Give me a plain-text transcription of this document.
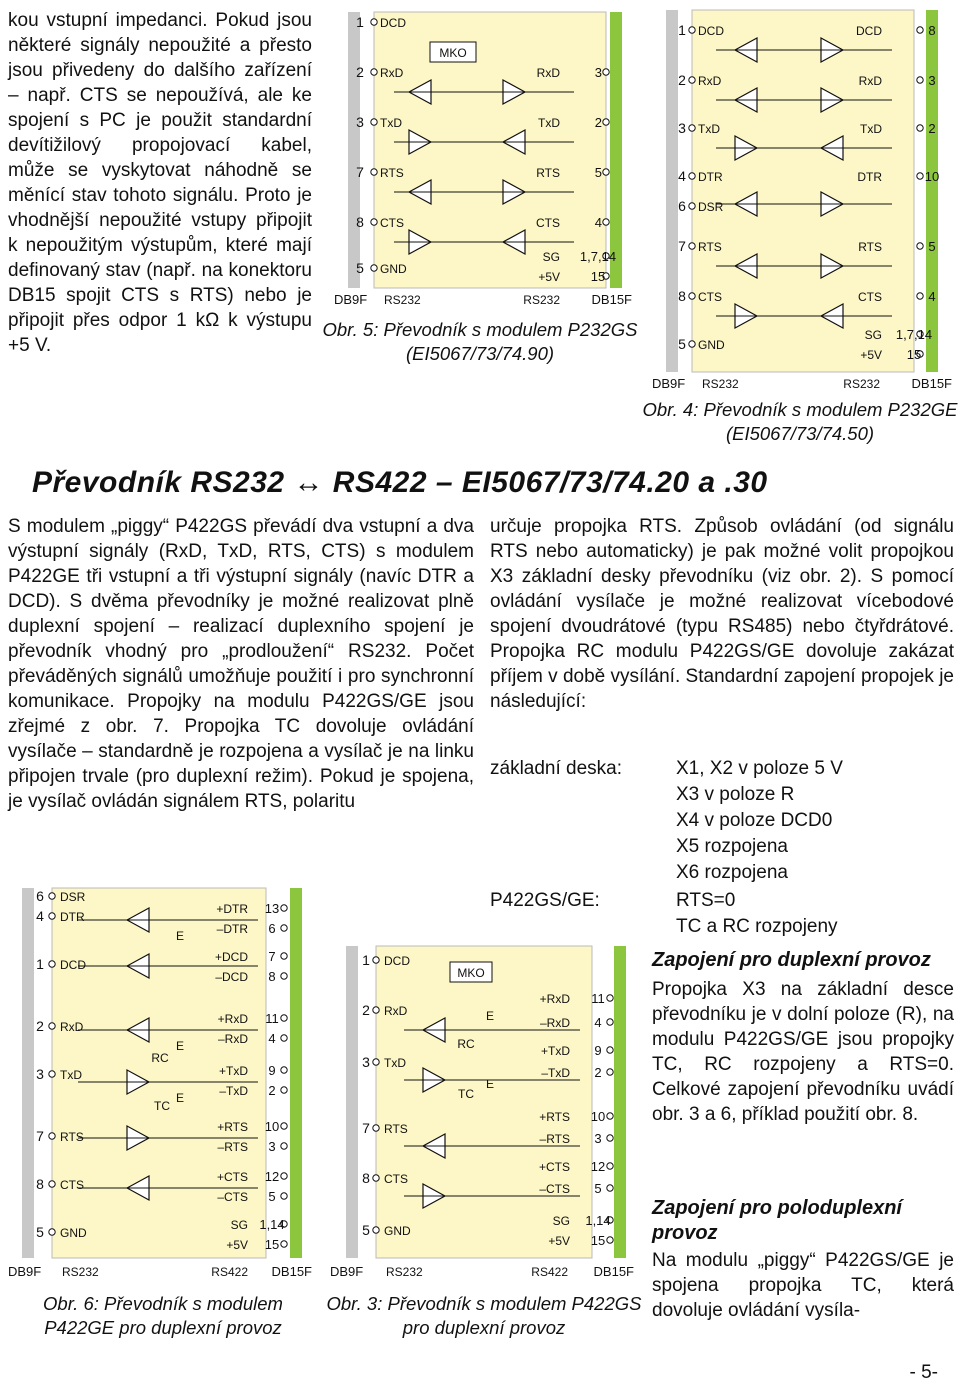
kou vstupní impedanci. Pokud jsou některé signály nepoužité a přesto jsou přivedeny do dalšího zařízení – např. CTS se nepoužívá, ale ke spojení s PC je použit standardní devítižilový propojovací kabel, může se vyskytovat náhodně se měnící stav tohoto signálu. Proto je vhodnější nepoužité vstupy připojit k nepoužitým výstupům, které mají definovaný stav (např. na konektoru DB15 spojit CTS s RTS) nebo je připojit přes odpor 1 kΩ k výstupu +5 V.

MKO
1 DCD
2 RxD
3 TxD
7 RTS
8 CTS
5 GND
RxD	3
TxD	2
RTS	5
CTS	4
SG 1,7,14
+5V 15
DB9F RS232	RS232 DB15F
Obr. 5: Převodník s modulem P232GS (EI5067/73/74.90)
1 DCD
2 RxD
3 TxD
4 DTR
6 DSR
7 RTS
8 CTS
5 GND
DCD	8
RxD	3
TxD	2
DTR	10
RTS	5
CTS	4
SG 1,7,14
+5V 15
DB9F RS232	RS232 DB15F
Obr. 4: Převodník s modulem P232GE (EI5067/73/74.50)
Převodník RS232 ↔ RS422 – EI5067/73/74.20 a .30

S modulem „piggy“ P422GS převádí dva vstupní a dva výstupní signály (RxD, TxD, RTS, CTS) s modulem P422GE tři vstupní a tři výstupní signály (navíc DTR a DCD). S dvěma převodníky je možné realizovat plně duplexní spojení – realizací duplexního spojení je převodník vhodný pro „prodloužení“ RS232. Počet převáděných signálů umožňuje použití i pro synchronní komunikace. Propojky na modulu P422GS/GE jsou zřejmé z obr. 7. Propojka TC dovoluje ovládání vysílače – standardně je rozpojena a vysílač je na linku připojen trvale (pro duplexní režim). Pokud je spojena, je vysílač ovládán signálem RTS, polaritu

určuje propojka RTS. Způsob ovládání (od signálu RTS nebo automaticky) je pak možné volit propojkou X3 základní desky převodníku (viz obr. 2). S pomocí ovládání vysílače je možné realizovat vícebodové spojení dvoudrátové (typu RS485) nebo čtyřdrátové. Propojka RC modulu P422GS/GE dovoluje zakázat příjem v době vysílání. Standardní zapojení propojek je následující:

základní deska:	X1, X2 v poloze 5 V
X3 v poloze R
X4 v poloze DCD0
X5 rozpojena
X6 rozpojena
P422GS/GE:	RTS=0
TC a RC rozpojeny

Zapojení pro duplexní provoz

Propojka X3 na základní desce převodníku je v dolní poloze (R), na modulu P422GS/GE jsou propojky TC, RC rozpojeny a RTS=0. Celkové zapojení převodníku uvádí obr. 3 a 6, příklad použití obr. 8.

Zapojení pro poloduplexní provoz

Na modulu „piggy“ P422GS/GE je spojena propojka TC, která dovoluje ovládání vysíla-

6 DSR
4 DTR
1 DCD
2 RxD
3 TxD
7 RTS
8 CTS
5 GND
+DTR 13
–DTR 6
+DCD 7
–DCD 8
+RxD 11
–RxD 4
+TxD 9
–TxD 2
+RTS 10
–RTS 3
+CTS 12
–CTS 5
SG 1,14
+5V 15
E
E
E
RC
TC
DB9F RS232	RS422 DB15F
Obr. 6: Převodník s modulem P422GE pro duplexní provoz
MKO
1 DCD
2 RxD
3 TxD
7 RTS
8 CTS
5 GND
+RxD 11
–RxD 4
+TxD 9
–TxD 2
+RTS 10
–RTS 3
+CTS 12
–CTS 5
SG 1,14
+5V 15
E
RC
TC
E
DB9F RS232	RS422 DB15F
Obr. 3: Převodník s modulem P422GS pro duplexní provoz
- 5-
